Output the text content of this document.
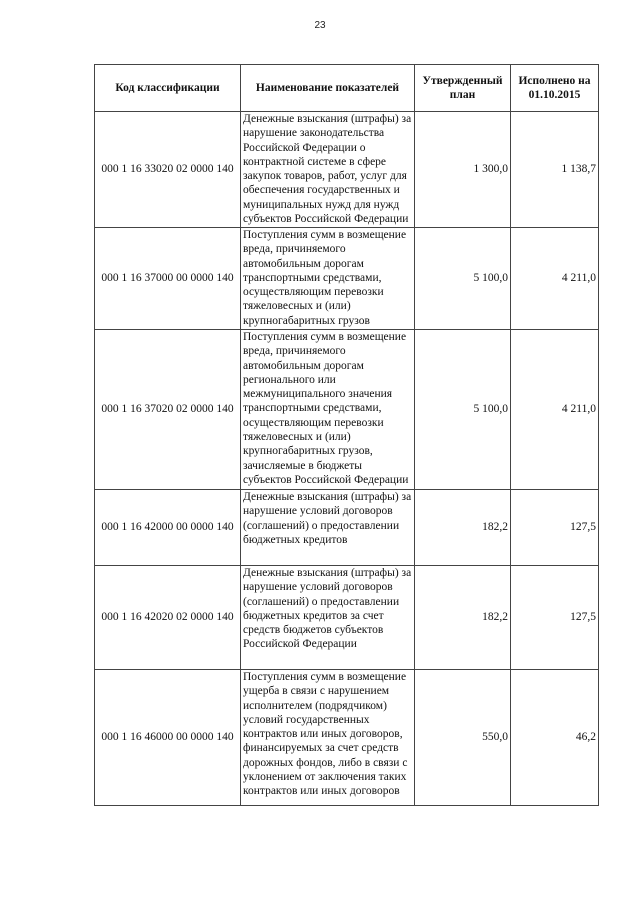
23
Код классификации	Наименование показателей	Утвержденный план	Исполнено на 01.10.2015
000 1 16 33020 02 0000 140	Денежные взыскания (штрафы) за нарушение законодательства Российской Федерации о контрактной системе в сфере закупок товаров, работ, услуг для обеспечения государственных и муниципальных нужд для нужд субъектов Российской Федерации	1 300,0	1 138,7
000 1 16 37000 00 0000 140	Поступления сумм в возмещение вреда, причиняемого автомобильным дорогам транспортными средствами, осуществляющим перевозки тяжеловесных и (или) крупногабаритных грузов	5 100,0	4 211,0
000 1 16 37020 02 0000 140	Поступления сумм в возмещение вреда, причиняемого автомобильным дорогам регионального или межмуниципального значения транспортными средствами, осуществляющим перевозки тяжеловесных и (или) крупногабаритных грузов, зачисляемые в бюджеты субъектов Российской Федерации	5 100,0	4 211,0
000 1 16 42000 00 0000 140	Денежные взыскания (штрафы) за нарушение условий договоров (соглашений) о предоставлении бюджетных кредитов	182,2	127,5
000 1 16 42020 02 0000 140	Денежные взыскания (штрафы) за нарушение условий договоров (соглашений) о предоставлении бюджетных кредитов за счет средств бюджетов субъектов Российской Федерации	182,2	127,5
000 1 16 46000 00 0000 140	Поступления сумм в возмещение ущерба в связи с нарушением исполнителем (подрядчиком) условий государственных контрактов или иных договоров, финансируемых за счет средств дорожных фондов, либо в связи с уклонением от заключения таких контрактов или иных договоров	550,0	46,2
